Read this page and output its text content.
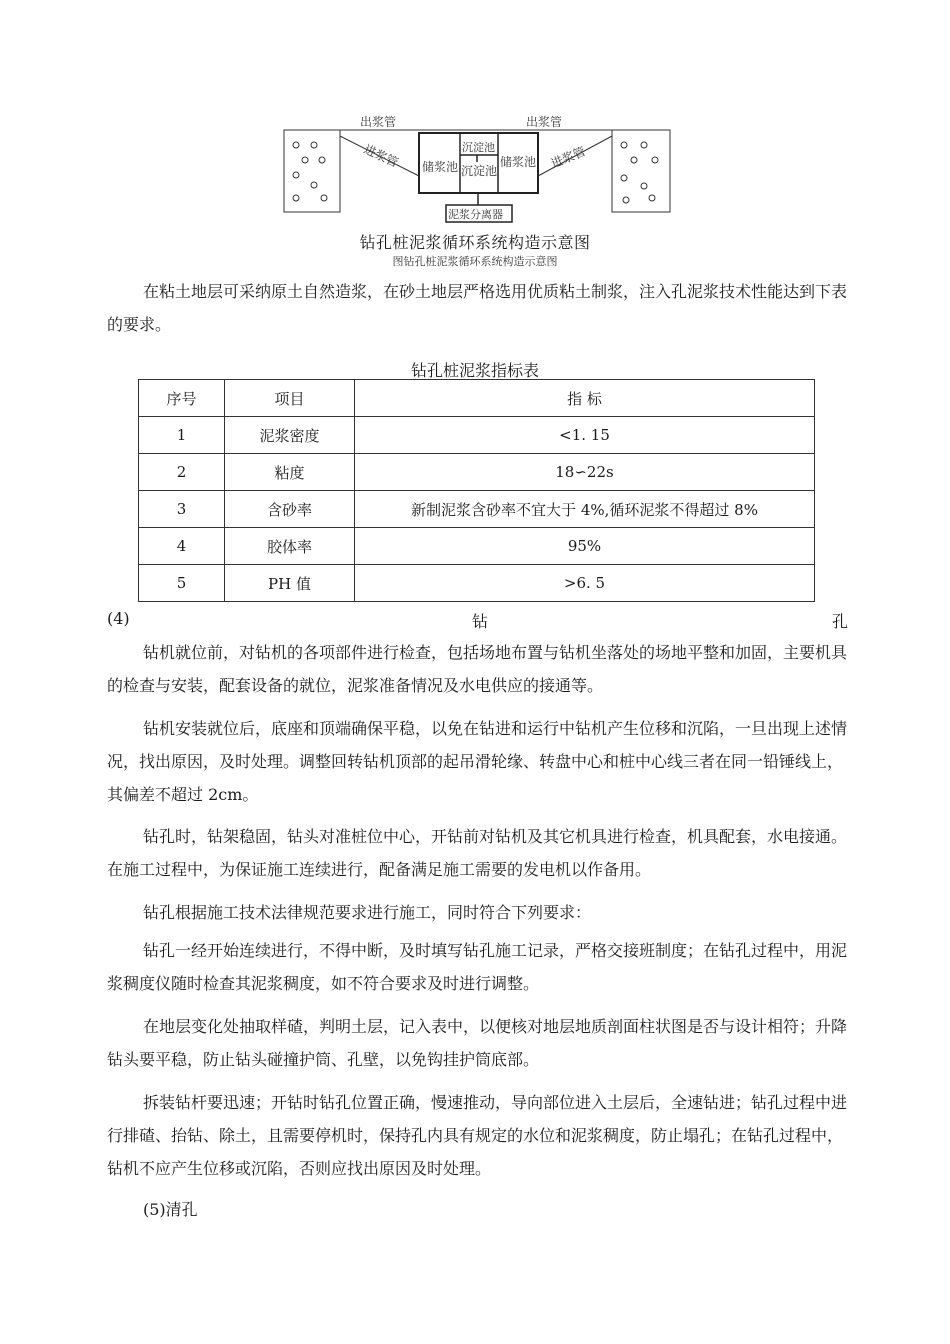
出浆管	出浆管
进浆管	进浆管
储浆池	储浆池
沉淀池
沉淀池
泥浆分离器
钻孔桩泥浆循环系统构造示意图
图钻孔桩泥浆循环系统构造示意图

在粘土地层可采纳原土自然造浆，在砂土地层严格选用优质粘土制浆，注入孔泥浆技术性能达到下表的要求。

钻孔桩泥浆指标表
序号	项目	指 标
1	泥浆密度	<1. 15
2	粘度	18∽22s
3	含砂率	新制泥浆含砂率不宜大于 4%,循环泥浆不得超过 8%
4	胶体率	95%
5	PH 值	>6. 5
(4)	钻	孔

钻机就位前，对钻机的各项部件进行检查，包括场地布置与钻机坐落处的场地平整和加固，主要机具的检查与安装，配套设备的就位，泥浆准备情况及水电供应的接通等。

钻机安装就位后，底座和顶端确保平稳，以免在钻进和运行中钻机产生位移和沉陷，一旦出现上述情况，找出原因，及时处理。调整回转钻机顶部的起吊滑轮缘、转盘中心和桩中心线三者在同一铅锤线上，其偏差不超过 2cm。

钻孔时，钻架稳固，钻头对准桩位中心，开钻前对钻机及其它机具进行检查，机具配套，水电接通。在施工过程中，为保证施工连续进行，配备满足施工需要的发电机以作备用。

钻孔根据施工技术法律规范要求进行施工，同时符合下列要求：

钻孔一经开始连续进行，不得中断，及时填写钻孔施工记录，严格交接班制度；在钻孔过程中，用泥浆稠度仪随时检查其泥浆稠度，如不符合要求及时进行调整。

在地层变化处抽取样碴，判明土层，记入表中，以便核对地层地质剖面柱状图是否与设计相符；升降钻头要平稳，防止钻头碰撞护筒、孔壁，以免钩挂护筒底部。

拆装钻杆要迅速；开钻时钻孔位置正确，慢速推动，导向部位进入土层后，全速钻进；钻孔过程中进行排碴、抬钻、除土，且需要停机时，保持孔内具有规定的水位和泥浆稠度，防止塌孔；在钻孔过程中，钻机不应产生位移或沉陷，否则应找出原因及时处理。

(5)清孔
